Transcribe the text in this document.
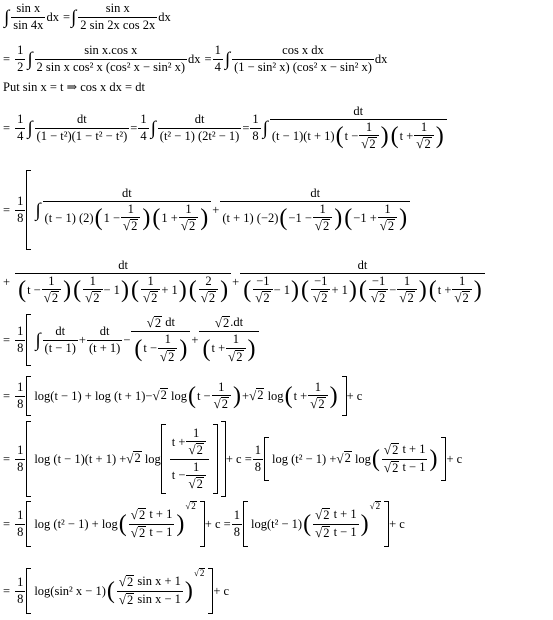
∫ sin x
sin 4x
dx = ∫ sin x
2 sin 2x cos 2x
dx
=
1
2 ∫	sin x.cos x
2 sin x cos² x (cos² x − sin² x)
dx = $\frac{1}{4}$ ∫	cos x dx
(1 − sin² x) (cos² x − sin² x)
dx
Put sin x = t ⇒ cos x dx = dt
=
1
4 ∫ $\frac{dt}{\text{(1 − t²)(1 − t² − t²)}} = \frac{1}{4}$ ∫ $\frac{dt}{\text{(t² − 1) (2t² − 1)}} = \frac{1}{8}$ ∫
dt
(t − 1)(t + 1) ( $t - \frac{1}{√ 2}$ ) ( $t + \frac{1}{√ 2}$ )
=
1
8 ∫
dt
(t − 1) (2) ( $1 - \frac{1}{√ 2}$ ) ( $1 + \frac{1}{√ 2}$ ) +
dt
(t + 1) (−2) ( $-1 - \frac{1}{√ 2}$ ) ( $-1 + \frac{1}{√ 2}$ )
+
dt
( $t - \frac{1}{√ 2}$ ) ( 1
√ 2
− 1 ) ( 1
√ 2
+ 1 ) ( 2
√ 2 ) + dt
( −1
√ 2
− 1 ) ( −1
√ 2
+ 1 ) ( −1
√ 2
− $\frac{1}{√ 2}$ ) ( $t + \frac{1}{√ 2}$ )
=
1
8 ∫ dt
(t − 1)
+ $\frac{dt}{(t + 1)}$ − √ 2
dt
( $t - \frac{1}{√ 2}$ ) + $\frac{√ 2 .dt}{( t + \frac{1}{√ 2} )}$
=
1
8
log(t − 1)
+ log (t + 1) − √ 2
log ( $t - \frac{1}{√ 2}$ ) + √ 2
log ( $t + \frac{1}{√ 2}$ ) + c
=
1
8
log (t − 1)(t + 1)
+ √ 2
log
$t + \frac{1}{√ 2}$
$t - \frac{1}{√ 2}$
+ $c = \frac{1}{8}$ log (t² − 1)
+ √ 2
log ( √ 2
t + 1
√ 2
t − 1 ) + c
=
1
8
log (t² − 1)
+ log ( √ 2
t + 1
√ 2
t − 1 )
√ 2
+ $c = \frac{1}{8} \log(t^2 - 1)$ ( √ 2
t + 1
√ 2
t − 1 )
√ 2
+ c
=
1
8
log(sin² x − 1) ( √ 2
sin x + 1
√ 2
sin x − 1 )
√ 2
+ c
